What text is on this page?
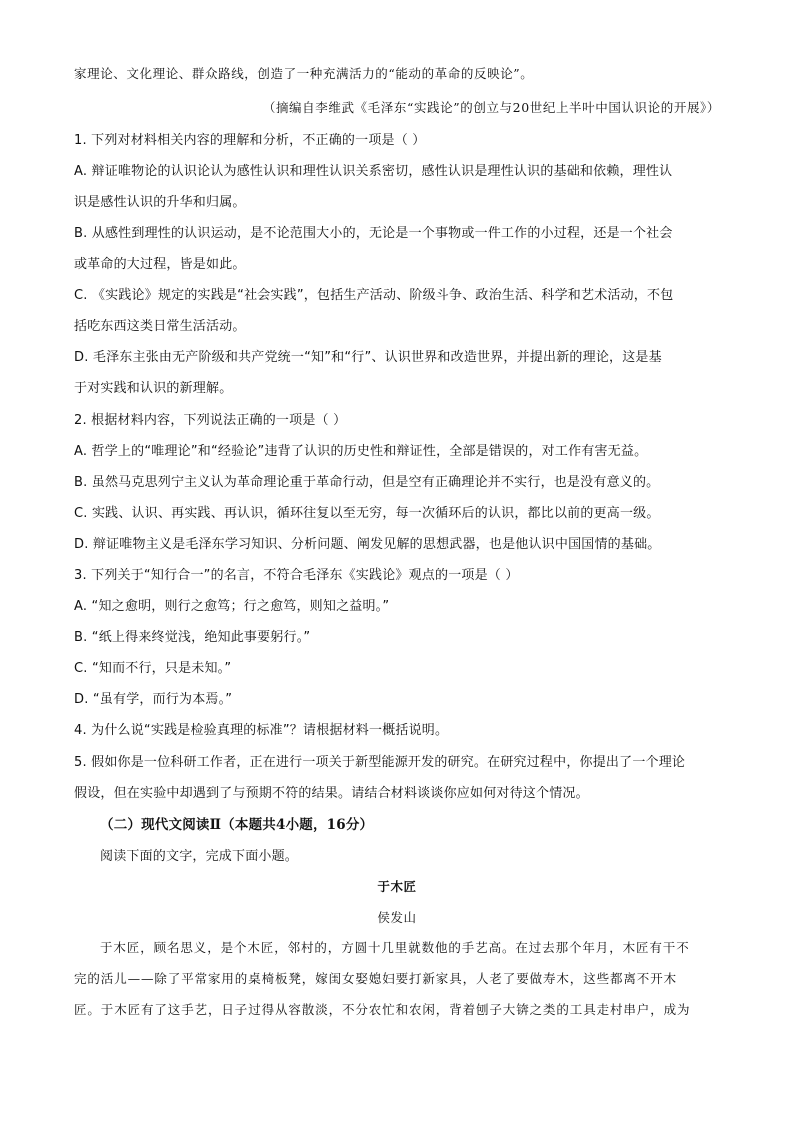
家理论、文化理论、群众路线，创造了一种充满活力的“能动的革命的反映论”。
（摘编自李维武《毛泽东“实践论”的创立与20世纪上半叶中国认识论的开展》）
1. 下列对材料相关内容的理解和分析，不正确的一项是（ ）
A. 辩证唯物论的认识论认为感性认识和理性认识关系密切，感性认识是理性认识的基础和依赖，理性认
识是感性认识的升华和归属。
B. 从感性到理性的认识运动，是不论范围大小的，无论是一个事物或一件工作的小过程，还是一个社会
或革命的大过程，皆是如此。
C. 《实践论》规定的实践是“社会实践”，包括生产活动、阶级斗争、政治生活、科学和艺术活动，不包
括吃东西这类日常生活活动。
D. 毛泽东主张由无产阶级和共产党统一“知”和“行”、认识世界和改造世界，并提出新的理论，这是基
于对实践和认识的新理解。
2. 根据材料内容，下列说法正确的一项是（ ）
A. 哲学上的“唯理论”和“经验论”违背了认识的历史性和辩证性，全部是错误的，对工作有害无益。
B. 虽然马克思列宁主义认为革命理论重于革命行动，但是空有正确理论并不实行，也是没有意义的。
C. 实践、认识、再实践、再认识，循环往复以至无穷，每一次循环后的认识，都比以前的更高一级。
D. 辩证唯物主义是毛泽东学习知识、分析问题、阐发见解的思想武器，也是他认识中国国情的基础。
3. 下列关于“知行合一”的名言，不符合毛泽东《实践论》观点的一项是（ ）
A. “知之愈明，则行之愈笃；行之愈笃，则知之益明。”
B. “纸上得来终觉浅，绝知此事要躬行。”
C. “知而不行，只是未知。”
D. “虽有学，而行为本焉。”
4. 为什么说“实践是检验真理的标准”？请根据材料一概括说明。
5. 假如你是一位科研工作者，正在进行一项关于新型能源开发的研究。在研究过程中，你提出了一个理论
假设，但在实验中却遇到了与预期不符的结果。请结合材料谈谈你应如何对待这个情况。
（二）现代文阅读Ⅱ（本题共4小题，16分）
阅读下面的文字，完成下面小题。
于木匠
侯发山
于木匠，顾名思义，是个木匠，邻村的，方圆十几里就数他的手艺高。在过去那个年月，木匠有干不
完的活儿——除了平常家用的桌椅板凳，嫁闺女娶媳妇要打新家具，人老了要做寿木，这些都离不开木
匠。于木匠有了这手艺，日子过得从容散淡，不分农忙和农闲，背着刨子大锛之类的工具走村串户，成为
